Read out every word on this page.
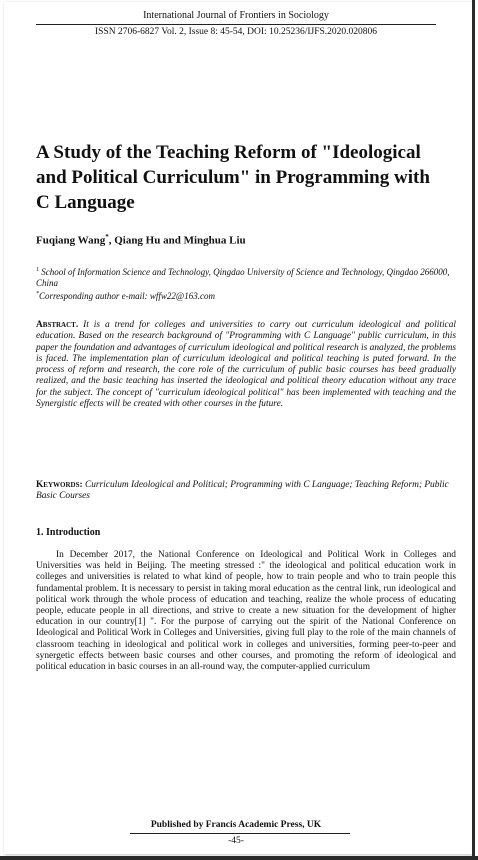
International Journal of Frontiers in Sociology
ISSN 2706-6827 Vol. 2, Issue 8: 45-54, DOI: 10.25236/IJFS.2020.020806
A Study of the Teaching Reform of "Ideological and Political Curriculum" in Programming with C Language
Fuqiang Wang*, Qiang Hu and Minghua Liu
$^1$ School of Information Science and Technology, Qingdao University of Science and Technology, Qingdao 266000, China
*Corresponding author e-mail: wffw22@163.com

Abstract. It is a trend for colleges and universities to carry out curriculum ideological and political education. Based on the research background of "Programming with C Language" public curriculum, in this paper the foundation and advantages of curriculum ideological and political research is analyzed, the problems is faced. The implementation plan of curriculum ideological and political teaching is puted forward. In the process of reform and research, the core role of the curriculum of public basic courses has beed gradually realized, and the basic teaching has inserted the ideological and political theory education without any trace for the subject. The concept of "curriculum ideological political" has been implemented with teaching and the Synergistic effects will be created with other courses in the future.

Keywords: Curriculum Ideological and Political; Programming with C Language; Teaching Reform; Public Basic Courses

1. Introduction

In December 2017, the National Conference on Ideological and Political Work in Colleges and Universities was held in Beijing. The meeting stressed :" the ideological and political education work in colleges and universities is related to what kind of people, how to train people and who to train people this fundamental problem. It is necessary to persist in taking moral education as the central link, run ideological and political work through the whole process of education and teaching, realize the whole process of educating people, educate people in all directions, and strive to create a new situation for the development of higher education in our country[1] ". For the purpose of carrying out the spirit of the National Conference on Ideological and Political Work in Colleges and Universities, giving full play to the role of the main channels of classroom teaching in ideological and political work in colleges and universities, forming peer-to-peer and synergetic effects between basic courses and other courses, and promoting the reform of ideological and political education in basic courses in an all-round way, the computer-applied curriculum

Published by Francis Academic Press, UK
-45-
